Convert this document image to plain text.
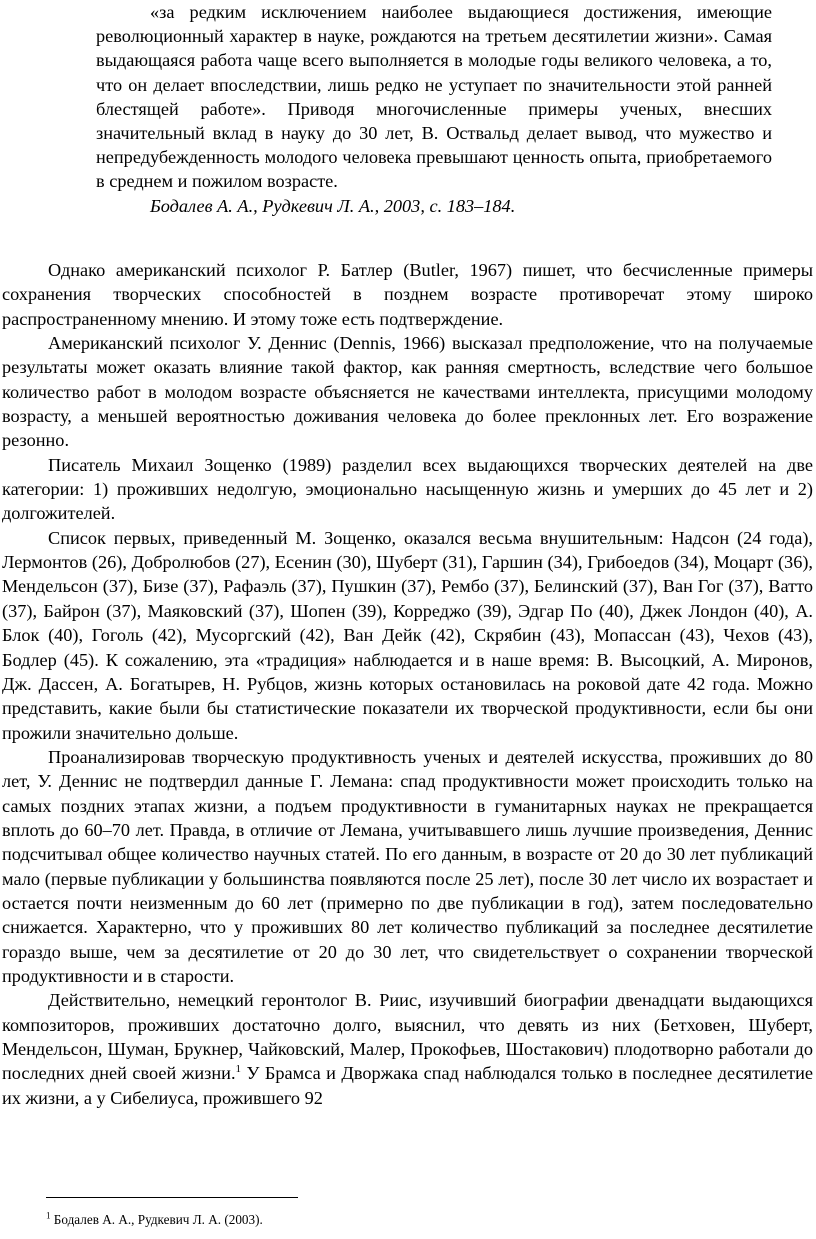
«за редким исключением наиболее выдающиеся достижения, имеющие революционный характер в науке, рождаются на третьем десятилетии жизни». Самая выдающаяся работа чаще всего выполняется в молодые годы великого человека, а то, что он делает впоследствии, лишь редко не уступает по значительности этой ранней блестящей работе». Приводя многочисленные примеры ученых, внесших значительный вклад в науку до 30 лет, В. Оствальд делает вывод, что мужество и непредубежденность молодого человека превышают ценность опыта, приобретаемого в среднем и пожилом возрасте.

Бодалев А. А., Рудкевич Л. А., 2003, с. 183–184.

Однако американский психолог Р. Батлер (Butler, 1967) пишет, что бесчисленные примеры сохранения творческих способностей в позднем возрасте противоречат этому широко распространенному мнению. И этому тоже есть подтверждение.

Американский психолог У. Деннис (Dennis, 1966) высказал предположение, что на получаемые результаты может оказать влияние такой фактор, как ранняя смертность, вследствие чего большое количество работ в молодом возрасте объясняется не качествами интеллекта, присущими молодому возрасту, а меньшей вероятностью доживания человека до более преклонных лет. Его возражение резонно.

Писатель Михаил Зощенко (1989) разделил всех выдающихся творческих деятелей на две категории: 1) проживших недолгую, эмоционально насыщенную жизнь и умерших до 45 лет и 2) долгожителей.

Список первых, приведенный М. Зощенко, оказался весьма внушительным: Надсон (24 года), Лермонтов (26), Добролюбов (27), Есенин (30), Шуберт (31), Гаршин (34), Грибоедов (34), Моцарт (36), Мендельсон (37), Бизе (37), Рафаэль (37), Пушкин (37), Рембо (37), Белинский (37), Ван Гог (37), Ватто (37), Байрон (37), Маяковский (37), Шопен (39), Корреджо (39), Эдгар По (40), Джек Лондон (40), А. Блок (40), Гоголь (42), Мусоргский (42), Ван Дейк (42), Скрябин (43), Мопассан (43), Чехов (43), Бодлер (45). К сожалению, эта «традиция» наблюдается и в наше время: В. Высоцкий, А. Миронов, Дж. Дассен, А. Богатырев, Н. Рубцов, жизнь которых остановилась на роковой дате 42 года. Можно представить, какие были бы статистические показатели их творческой продуктивности, если бы они прожили значительно дольше.

Проанализировав творческую продуктивность ученых и деятелей искусства, проживших до 80 лет, У. Деннис не подтвердил данные Г. Лемана: спад продуктивности может происходить только на самых поздних этапах жизни, а подъем продуктивности в гуманитарных науках не прекращается вплоть до 60–70 лет. Правда, в отличие от Лемана, учитывавшего лишь лучшие произведения, Деннис подсчитывал общее количество научных статей. По его данным, в возрасте от 20 до 30 лет публикаций мало (первые публикации у большинства появляются после 25 лет), после 30 лет число их возрастает и остается почти неизменным до 60 лет (примерно по две публикации в год), затем последовательно снижается. Характерно, что у проживших 80 лет количество публикаций за последнее десятилетие гораздо выше, чем за десятилетие от 20 до 30 лет, что свидетельствует о сохранении творческой продуктивности и в старости.

Действительно, немецкий геронтолог В. Риис, изучивший биографии двенадцати выдающихся композиторов, проживших достаточно долго, выяснил, что девять из них (Бетховен, Шуберт, Мендельсон, Шуман, Брукнер, Чайковский, Малер, Прокофьев, Шостакович) плодотворно работали до последних дней своей жизни.$^1$ У Брамса и Дворжака спад наблюдался только в последнее десятилетие их жизни, а у Сибелиуса, прожившего 92

$^1$ Бодалев А. А., Рудкевич Л. А. (2003).
